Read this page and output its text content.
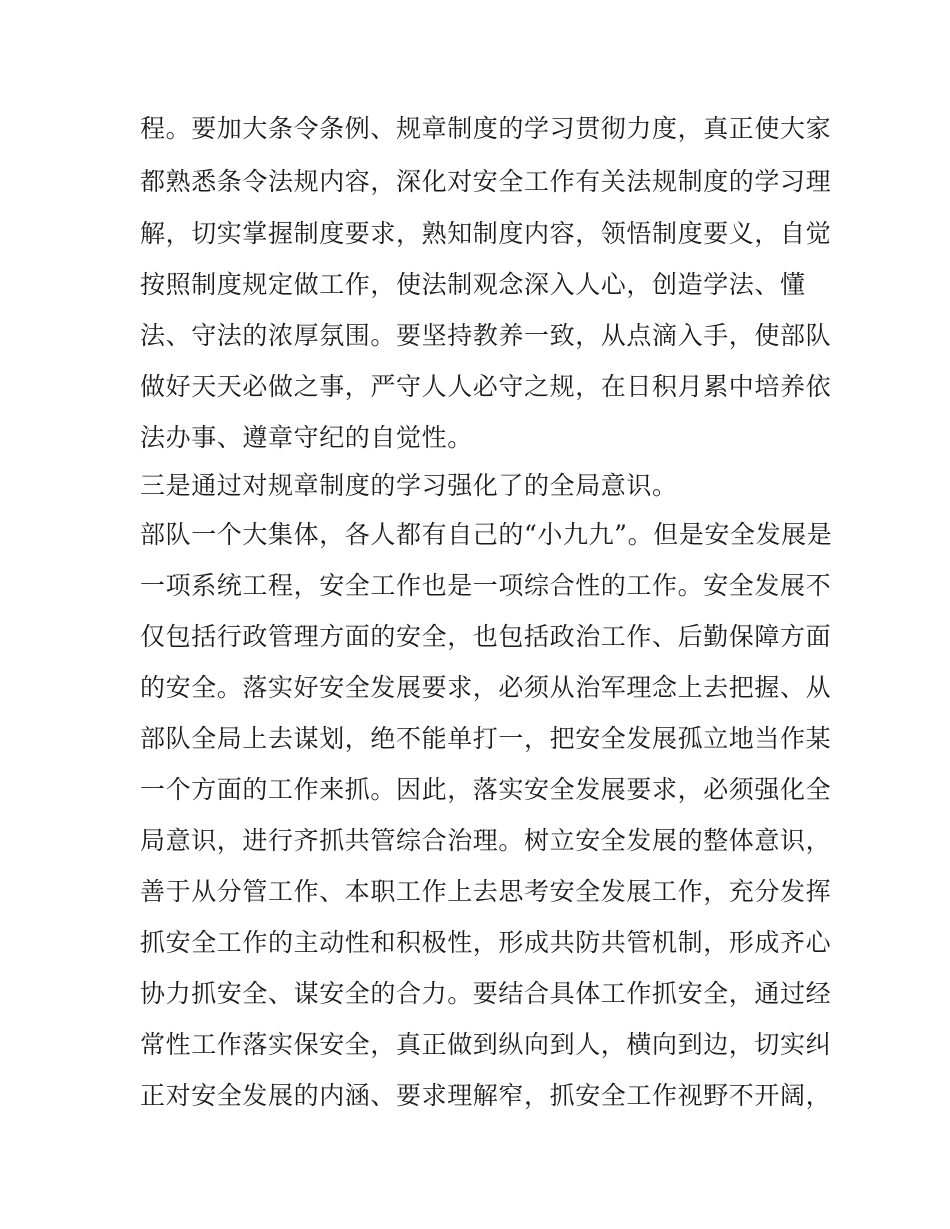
程。要加大条令条例、规章制度的学习贯彻力度，真正使大家
都熟悉条令法规内容，深化对安全工作有关法规制度的学习理
解，切实掌握制度要求，熟知制度内容，领悟制度要义，自觉
按照制度规定做工作，使法制观念深入人心，创造学法、懂
法、守法的浓厚氛围。要坚持教养一致，从点滴入手，使部队
做好天天必做之事，严守人人必守之规，在日积月累中培养依
法办事、遵章守纪的自觉性。
三是通过对规章制度的学习强化了的全局意识。
部队一个大集体，各人都有自己的“小九九”。但是安全发展是
一项系统工程，安全工作也是一项综合性的工作。安全发展不
仅包括行政管理方面的安全，也包括政治工作、后勤保障方面
的安全。落实好安全发展要求，必须从治军理念上去把握、从
部队全局上去谋划，绝不能单打一，把安全发展孤立地当作某
一个方面的工作来抓。因此，落实安全发展要求，必须强化全
局意识，进行齐抓共管综合治理。树立安全发展的整体意识，
善于从分管工作、本职工作上去思考安全发展工作，充分发挥
抓安全工作的主动性和积极性，形成共防共管机制，形成齐心
协力抓安全、谋安全的合力。要结合具体工作抓安全，通过经
常性工作落实保安全，真正做到纵向到人，横向到边，切实纠
正对安全发展的内涵、要求理解窄，抓安全工作视野不开阔，
